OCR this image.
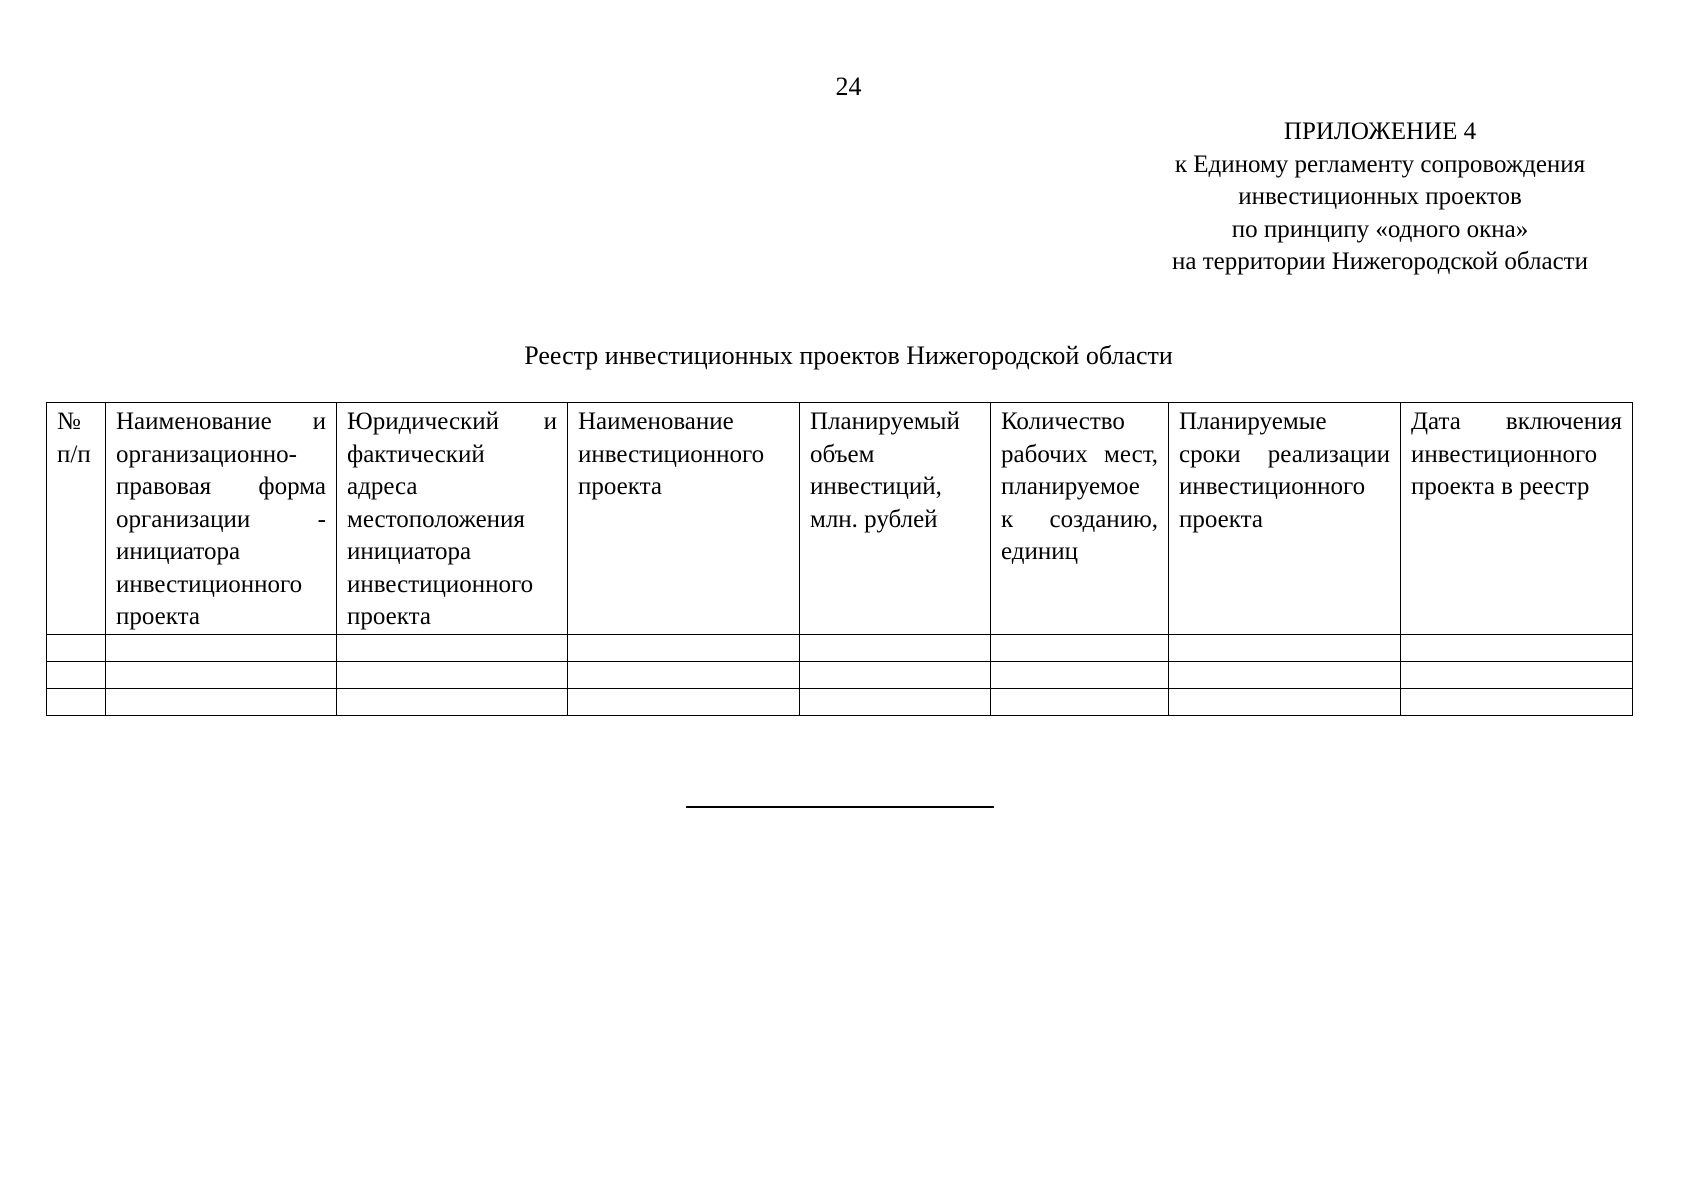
24
ПРИЛОЖЕНИЕ 4
к Единому регламенту сопровождения
инвестиционных проектов
по принципу «одного окна»
на территории Нижегородской области
Реестр инвестиционных проектов Нижегородской области
№ п/п	Наименование и организационно-правовая форма организации - инициатора инвестиционного проекта	Юридический и фактический адреса местоположения инициатора инвестиционного проекта	Наименование инвестиционного проекта	Планируемый объем инвестиций, млн. рублей	Количество рабочих мест, планируемое к созданию, единиц	Планируемые сроки реализации инвестиционного проекта	Дата включения инвестиционного проекта в реестр
